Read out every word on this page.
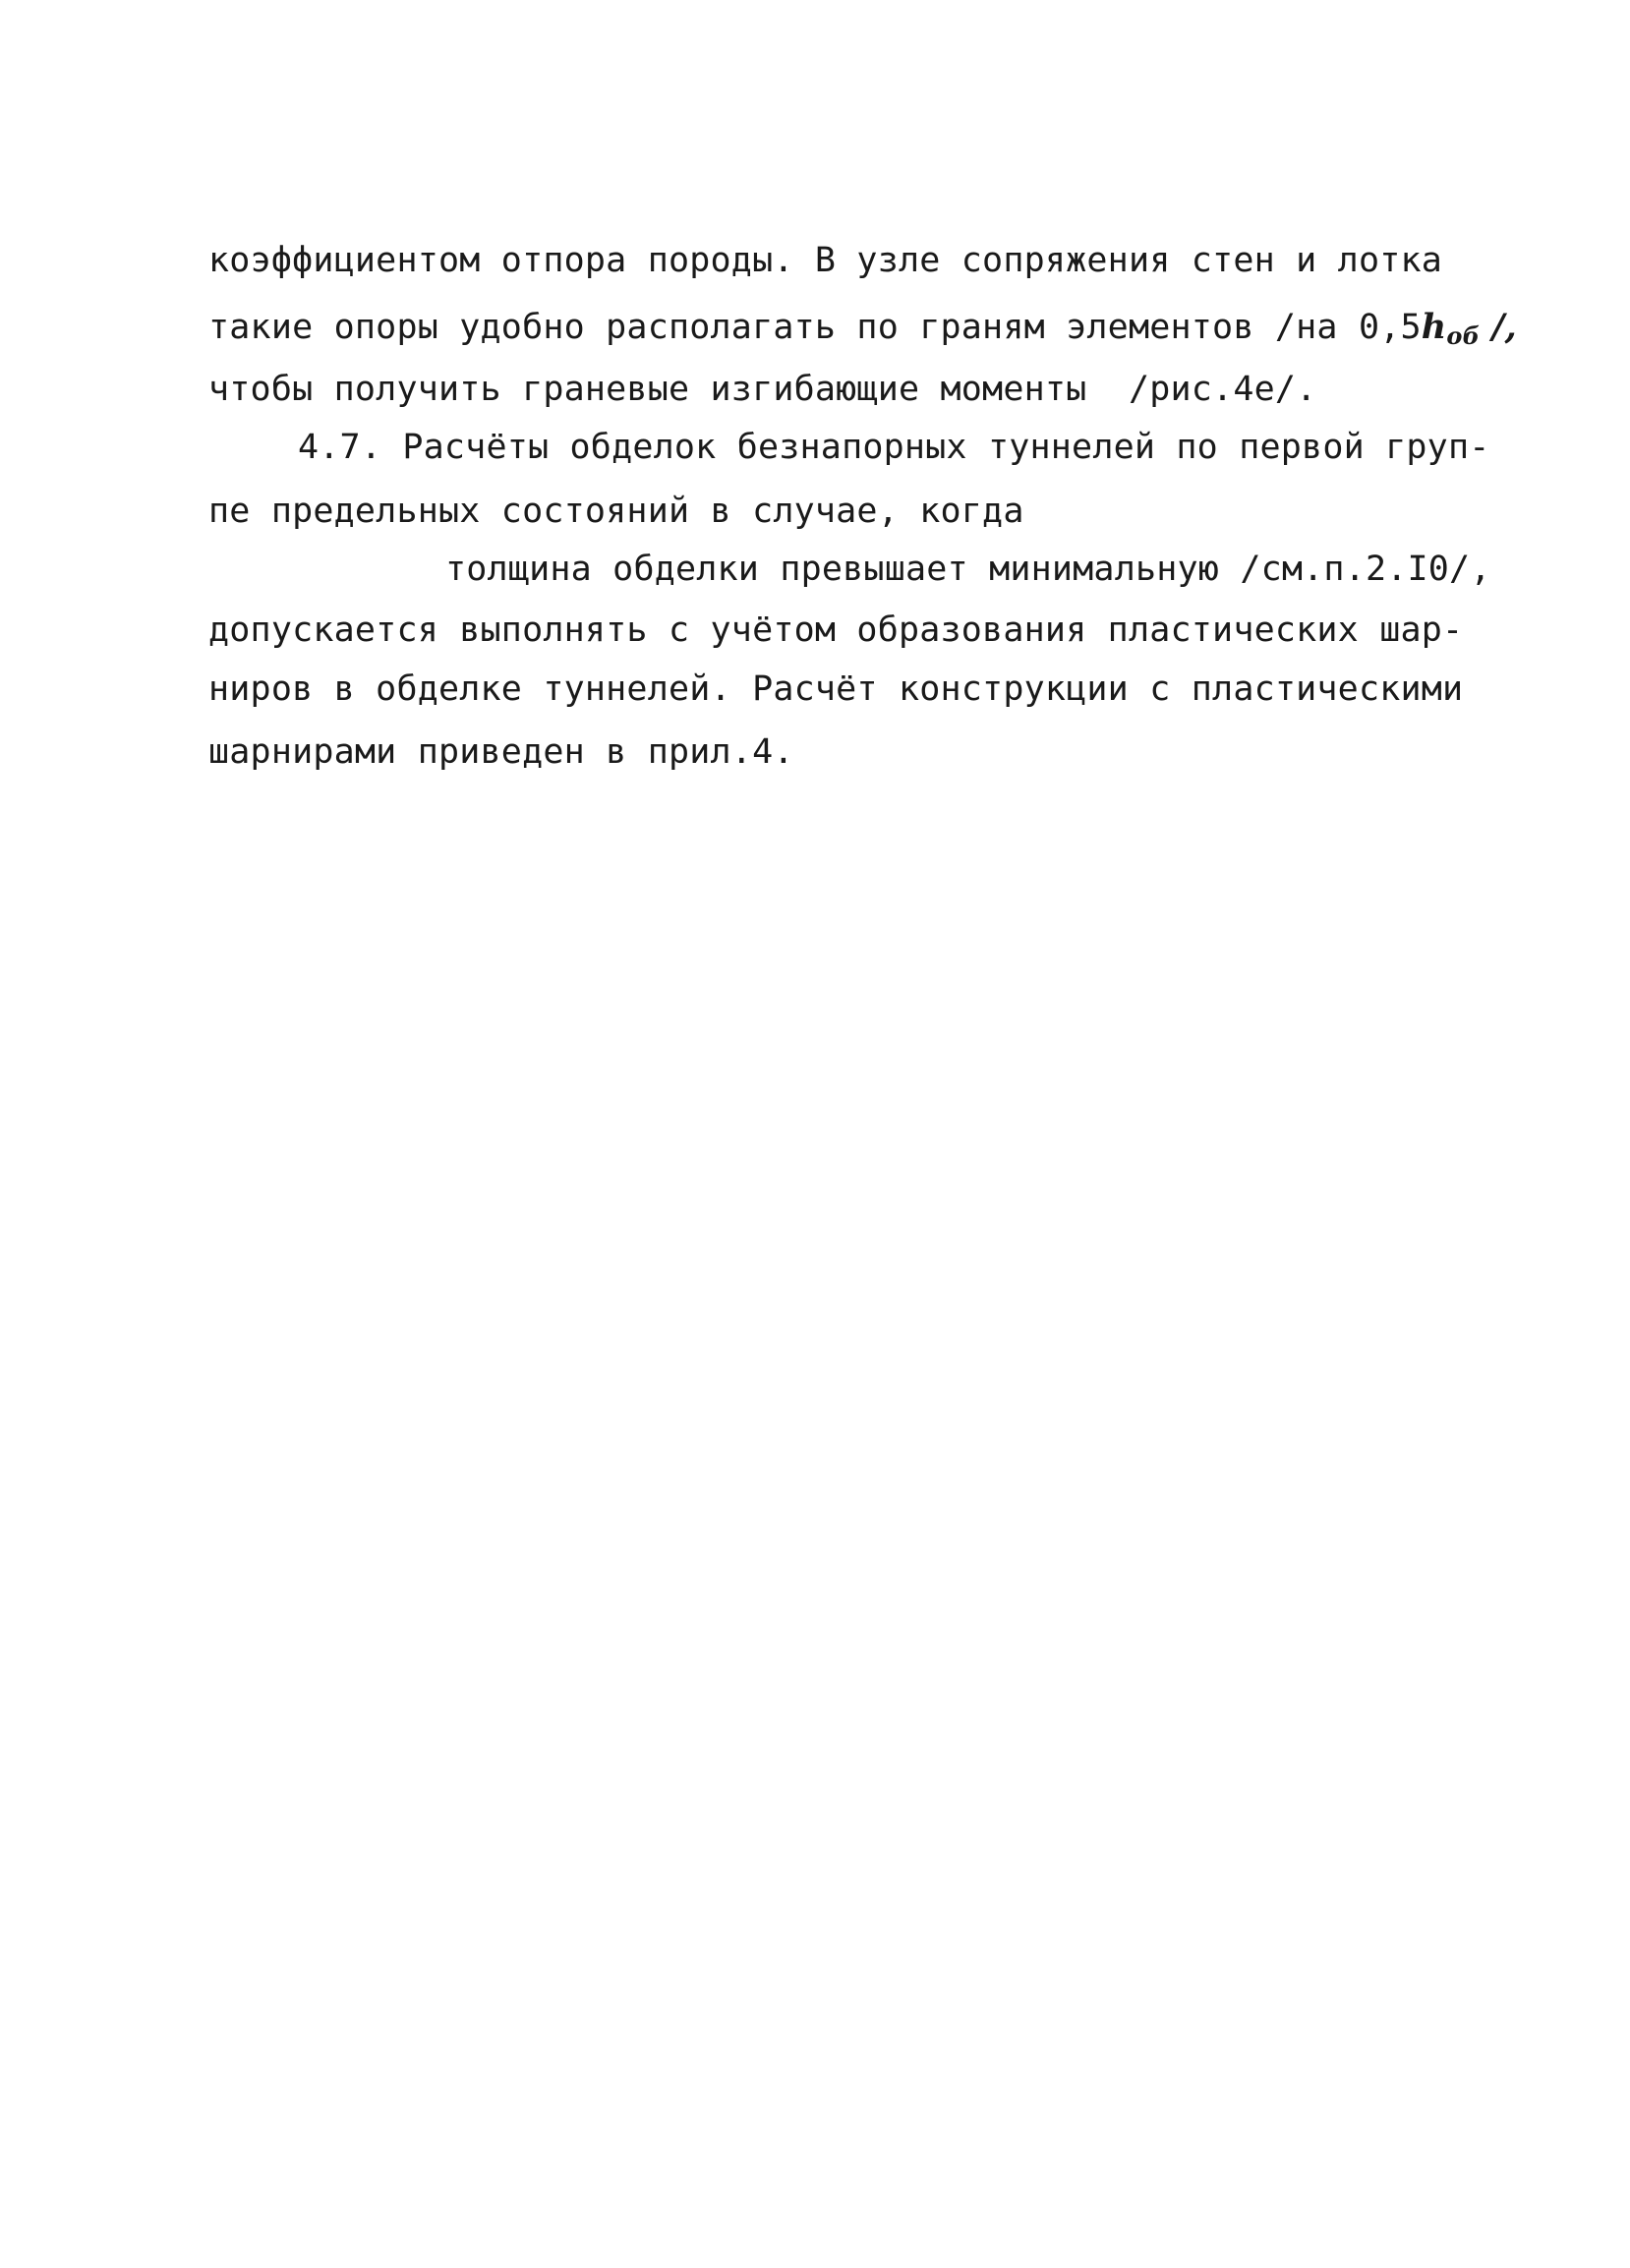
коэффициентом отпора породы. В узле сопряжения стен и лотка
такие опоры удобно располагать по граням элементов /на $0,5h_{об}$ /,
чтобы получить граневые изгибающие моменты  /рис.4е/.
4.7. Расчёты обделок безнапорных туннелей по первой груп-
пе предельных состояний в случае, когда
толщина обделки превышает минимальную /см.п.2.I0/,
допускается выполнять с учётом образования пластических шар-
ниров в обделке туннелей. Расчёт конструкции с пластическими
шарнирами приведен в прил.4.
